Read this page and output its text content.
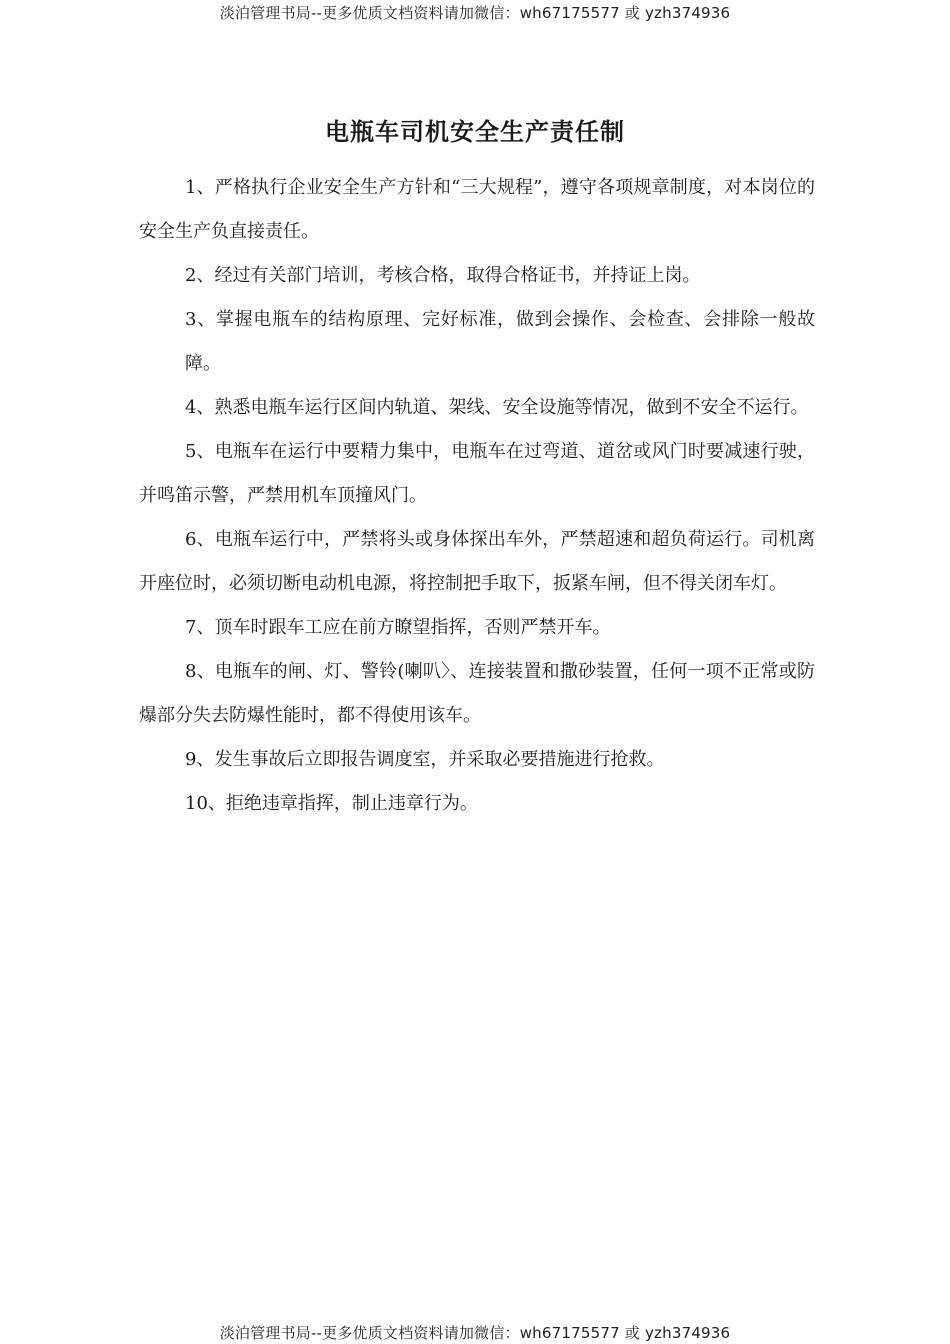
淡泊管理书局--更多优质文档资料请加微信：wh67175577 或 yzh374936
电瓶车司机安全生产责任制

1、严格执行企业安全生产方针和“三大规程”，遵守各项规章制度，对本岗位的安全生产负直接责任。

2、经过有关部门培训，考核合格，取得合格证书，并持证上岗。

3、掌握电瓶车的结构原理、完好标准，做到会操作、会检查、会排除一般故障。

4、熟悉电瓶车运行区间内轨道、架线、安全设施等情况，做到不安全不运行。

5、电瓶车在运行中要精力集中，电瓶车在过弯道、道岔或风门时要减速行驶，并鸣笛示警，严禁用机车顶撞风门。

6、电瓶车运行中，严禁将头或身体探出车外，严禁超速和超负荷运行。司机离开座位时，必须切断电动机电源，将控制把手取下，扳紧车闸，但不得关闭车灯。

7、顶车时跟车工应在前方瞭望指挥，否则严禁开车。

8、电瓶车的闸、灯、警铃(喇叭〉、连接装置和撒砂装置，任何一项不正常或防爆部分失去防爆性能时，都不得使用该车。

9、发生事故后立即报告调度室，并采取必要措施进行抢救。

10、拒绝违章指挥，制止违章行为。

淡泊管理书局--更多优质文档资料请加微信：wh67175577 或 yzh374936
